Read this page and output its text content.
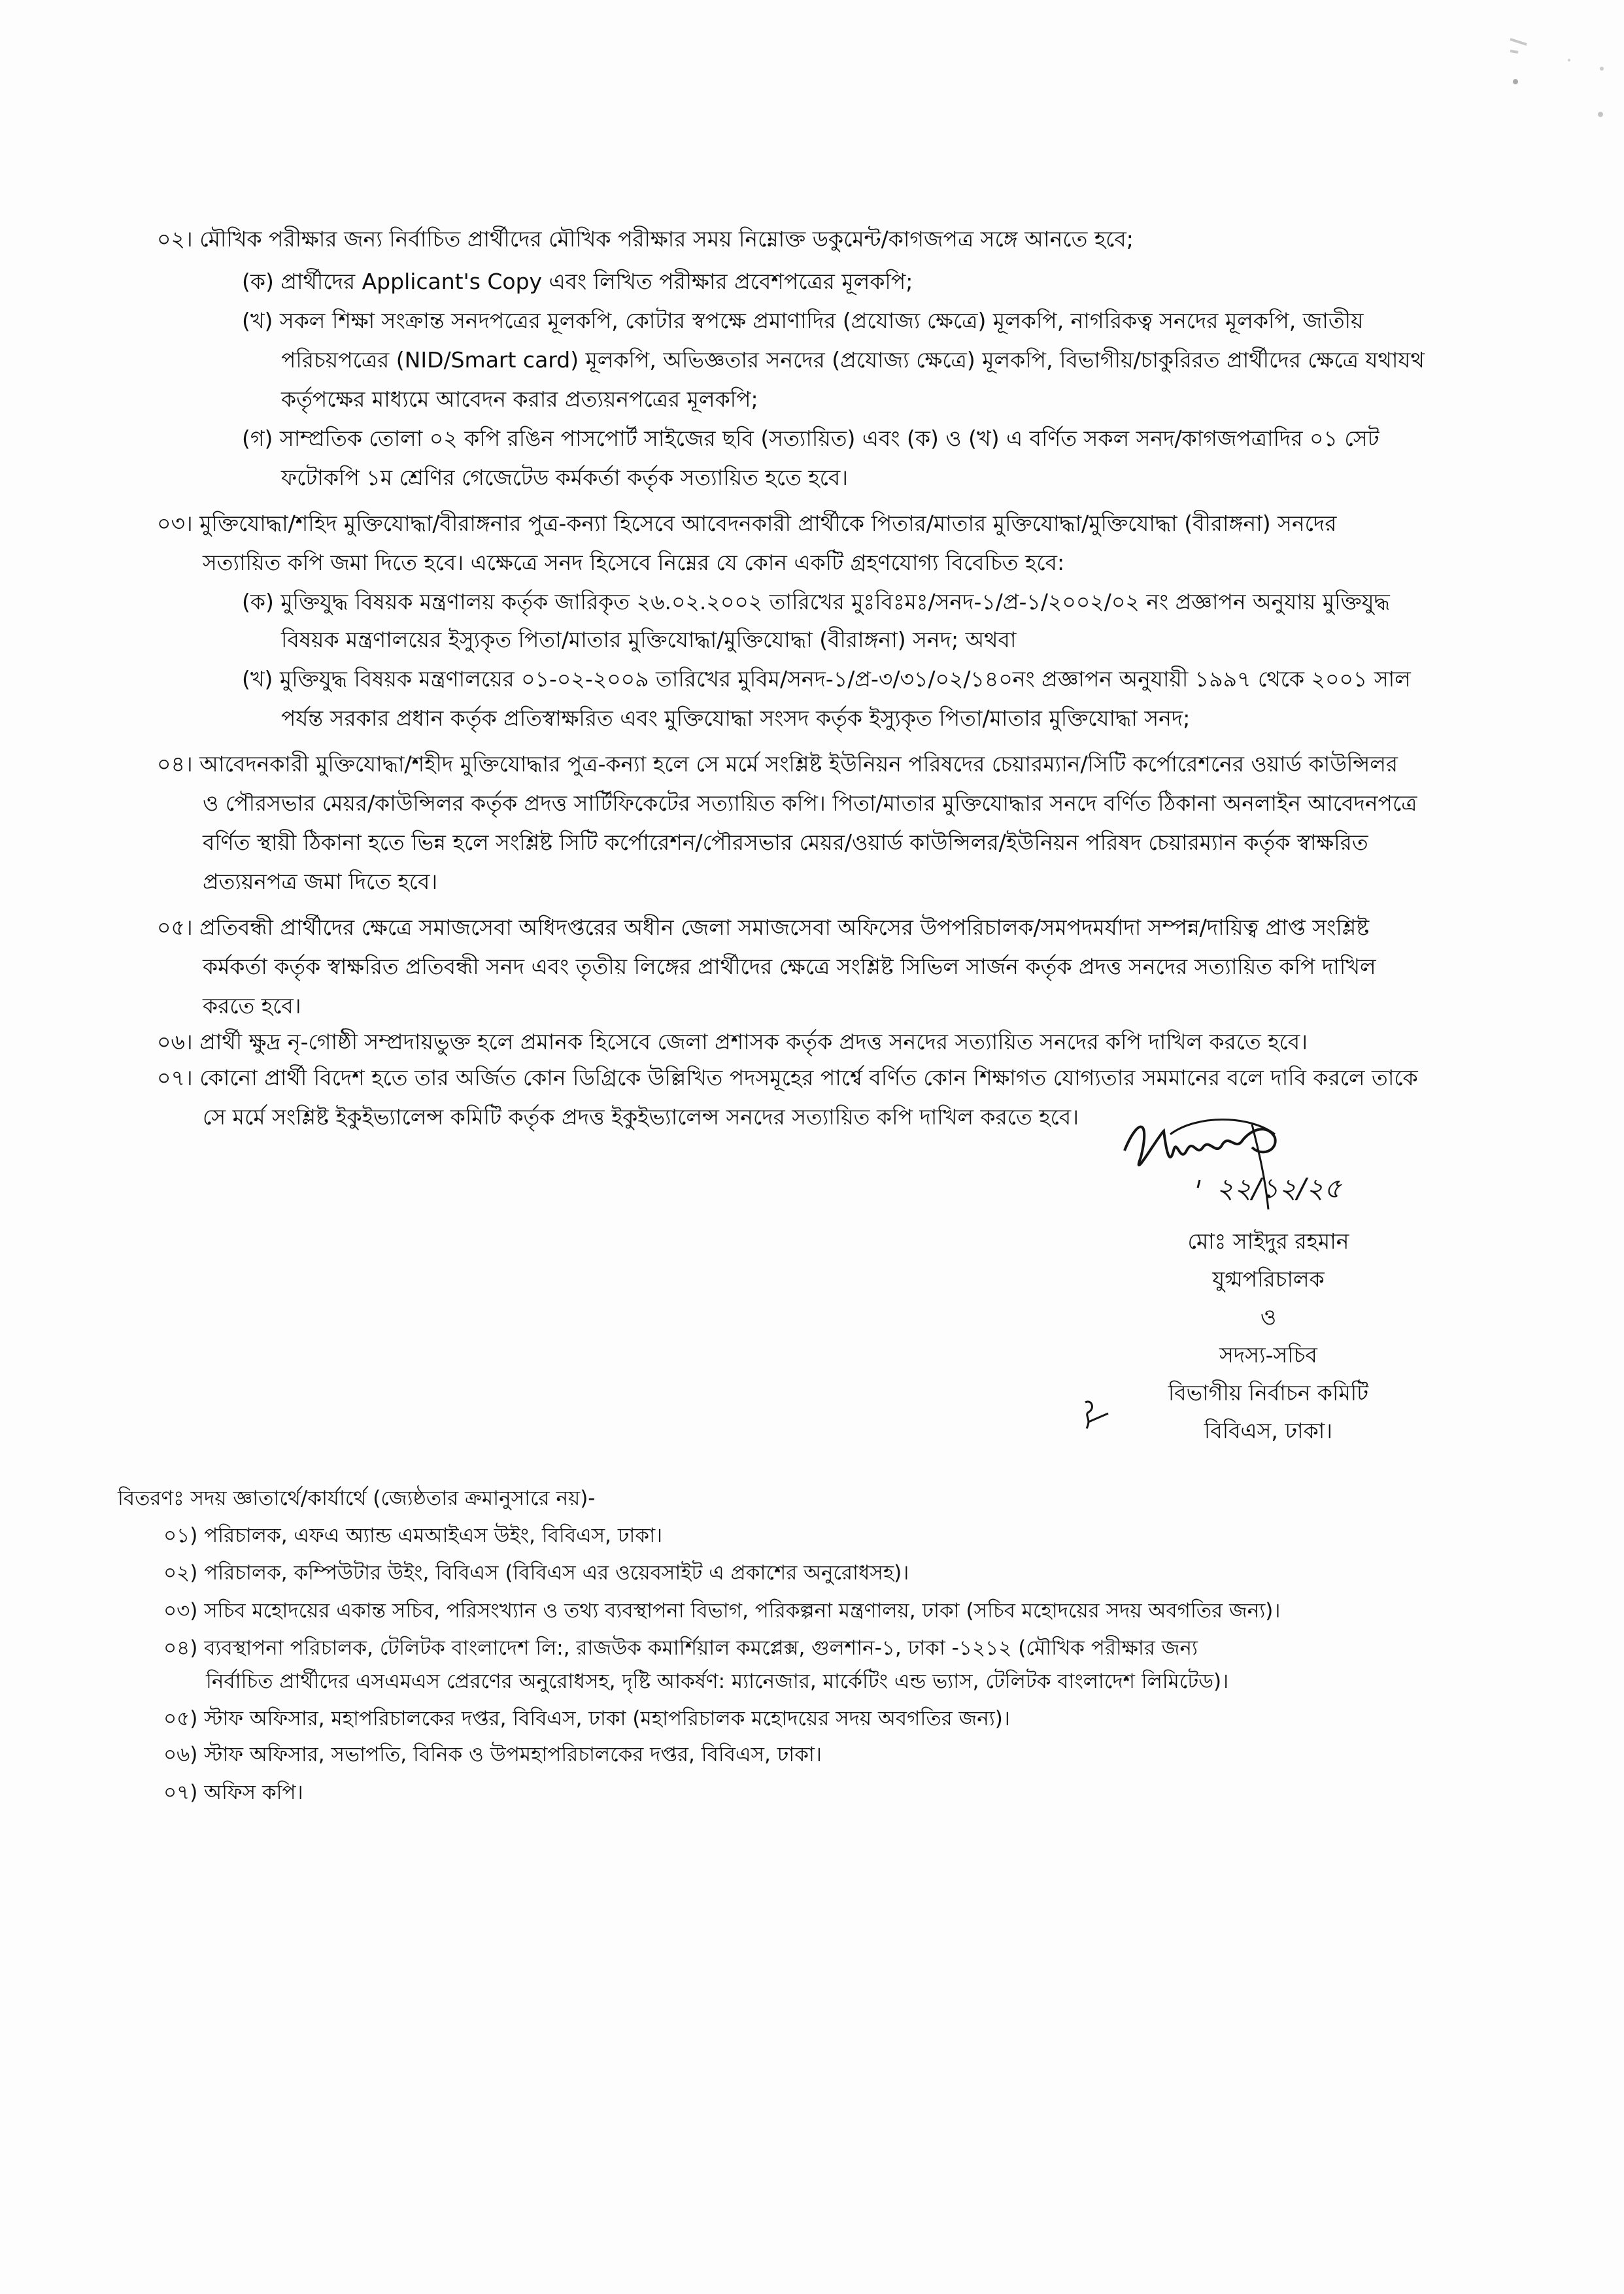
০২। মৌখিক পরীক্ষার জন্য নির্বাচিত প্রার্থীদের মৌখিক পরীক্ষার সময় নিম্নোক্ত ডকুমেন্ট/কাগজপত্র সঙ্গে আনতে হবে;
(ক) প্রার্থীদের Applicant's Copy এবং লিখিত পরীক্ষার প্রবেশপত্রের মূলকপি;
(খ) সকল শিক্ষা সংক্রান্ত সনদপত্রের মূলকপি, কোটার স্বপক্ষে প্রমাণাদির (প্রযোজ্য ক্ষেত্রে) মূলকপি, নাগরিকত্ব সনদের মূলকপি, জাতীয়
পরিচয়পত্রের (NID/Smart card) মূলকপি, অভিজ্ঞতার সনদের (প্রযোজ্য ক্ষেত্রে) মূলকপি, বিভাগীয়/চাকুরিরত প্রার্থীদের ক্ষেত্রে যথাযথ
কর্তৃপক্ষের মাধ্যমে আবেদন করার প্রত্যয়নপত্রের মূলকপি;
(গ) সাম্প্রতিক তোলা ০২ কপি রঙিন পাসপোর্ট সাইজের ছবি (সত্যায়িত) এবং (ক) ও (খ) এ বর্ণিত সকল সনদ/কাগজপত্রাদির ০১ সেট
ফটোকপি ১ম শ্রেণির গেজেটেড কর্মকর্তা কর্তৃক সত্যায়িত হতে হবে।
০৩। মুক্তিযোদ্ধা/শহিদ মুক্তিযোদ্ধা/বীরাঙ্গনার পুত্র-কন্যা হিসেবে আবেদনকারী প্রার্থীকে পিতার/মাতার মুক্তিযোদ্ধা/মুক্তিযোদ্ধা (বীরাঙ্গনা) সনদের
সত্যায়িত কপি জমা দিতে হবে। এক্ষেত্রে সনদ হিসেবে নিম্নের যে কোন একটি গ্রহণযোগ্য বিবেচিত হবে:
(ক) মুক্তিযুদ্ধ বিষয়ক মন্ত্রণালয় কর্তৃক জারিকৃত ২৬.০২.২০০২ তারিখের মুঃবিঃমঃ/সনদ-১/প্র-১/২০০২/০২ নং প্রজ্ঞাপন অনুযায় মুক্তিযুদ্ধ
বিষয়ক মন্ত্রণালয়ের ইস্যুকৃত পিতা/মাতার মুক্তিযোদ্ধা/মুক্তিযোদ্ধা (বীরাঙ্গনা) সনদ; অথবা
(খ) মুক্তিযুদ্ধ বিষয়ক মন্ত্রণালয়ের ০১-০২-২০০৯ তারিখের মুবিম/সনদ-১/প্র-৩/৩১/০২/১৪০নং প্রজ্ঞাপন অনুযায়ী ১৯৯৭ থেকে ২০০১ সাল
পর্যন্ত সরকার প্রধান কর্তৃক প্রতিস্বাক্ষরিত এবং মুক্তিযোদ্ধা সংসদ কর্তৃক ইস্যুকৃত পিতা/মাতার মুক্তিযোদ্ধা সনদ;
০৪। আবেদনকারী মুক্তিযোদ্ধা/শহীদ মুক্তিযোদ্ধার পুত্র-কন্যা হলে সে মর্মে সংশ্লিষ্ট ইউনিয়ন পরিষদের চেয়ারম্যান/সিটি কর্পোরেশনের ওয়ার্ড কাউন্সিলর
ও পৌরসভার মেয়র/কাউন্সিলর কর্তৃক প্রদত্ত সার্টিফিকেটের সত্যায়িত কপি। পিতা/মাতার মুক্তিযোদ্ধার সনদে বর্ণিত ঠিকানা অনলাইন আবেদনপত্রে
বর্ণিত স্থায়ী ঠিকানা হতে ভিন্ন হলে সংশ্লিষ্ট সিটি কর্পোরেশন/পৌরসভার মেয়র/ওয়ার্ড কাউন্সিলর/ইউনিয়ন পরিষদ চেয়ারম্যান কর্তৃক স্বাক্ষরিত
প্রত্যয়নপত্র জমা দিতে হবে।
০৫। প্রতিবন্ধী প্রার্থীদের ক্ষেত্রে সমাজসেবা অধিদপ্তরের অধীন জেলা সমাজসেবা অফিসের উপপরিচালক/সমপদমর্যাদা সম্পন্ন/দায়িত্ব প্রাপ্ত সংশ্লিষ্ট
কর্মকর্তা কর্তৃক স্বাক্ষরিত প্রতিবন্ধী সনদ এবং তৃতীয় লিঙ্গের প্রার্থীদের ক্ষেত্রে সংশ্লিষ্ট সিভিল সার্জন কর্তৃক প্রদত্ত সনদের সত্যায়িত কপি দাখিল
করতে হবে।
০৬। প্রার্থী ক্ষুদ্র নৃ-গোষ্ঠী সম্প্রদায়ভুক্ত হলে প্রমানক হিসেবে জেলা প্রশাসক কর্তৃক প্রদত্ত সনদের সত্যায়িত সনদের কপি দাখিল করতে হবে।
০৭। কোনো প্রার্থী বিদেশ হতে তার অর্জিত কোন ডিগ্রিকে উল্লিখিত পদসমূহের পার্শ্বে বর্ণিত কোন শিক্ষাগত যোগ্যতার সমমানের বলে দাবি করলে তাকে
সে মর্মে সংশ্লিষ্ট ইকুইভ্যালেন্স কমিটি কর্তৃক প্রদত্ত ইকুইভ্যালেন্স সনদের সত্যায়িত কপি দাখিল করতে হবে।
২২/১২/২৫
মোঃ সাইদুর রহমান
যুগ্মপরিচালক
ও
সদস্য-সচিব
বিভাগীয় নির্বাচন কমিটি
বিবিএস, ঢাকা।
বিতরণঃ সদয় জ্ঞাতার্থে/কার্যার্থে (জ্যেষ্ঠতার ক্রমানুসারে নয়)-
০১) পরিচালক, এফএ অ্যান্ড এমআইএস উইং, বিবিএস, ঢাকা।
০২) পরিচালক, কম্পিউটার উইং, বিবিএস (বিবিএস এর ওয়েবসাইট এ প্রকাশের অনুরোধসহ)।
০৩) সচিব মহোদয়ের একান্ত সচিব, পরিসংখ্যান ও তথ্য ব্যবস্থাপনা বিভাগ, পরিকল্পনা মন্ত্রণালয়, ঢাকা (সচিব মহোদয়ের সদয় অবগতির জন্য)।
০৪) ব্যবস্থাপনা পরিচালক, টেলিটক বাংলাদেশ লি:, রাজউক কমার্শিয়াল কমপ্লেক্স, গুলশান-১, ঢাকা -১২১২ (মৌখিক পরীক্ষার জন্য
নির্বাচিত প্রার্থীদের এসএমএস প্রেরণের অনুরোধসহ, দৃষ্টি আকর্ষণ: ম্যানেজার, মার্কেটিং এন্ড ভ্যাস, টেলিটক বাংলাদেশ লিমিটেড)।
০৫) স্টাফ অফিসার, মহাপরিচালকের দপ্তর, বিবিএস, ঢাকা (মহাপরিচালক মহোদয়ের সদয় অবগতির জন্য)।
০৬) স্টাফ অফিসার, সভাপতি, বিনিক ও উপমহাপরিচালকের দপ্তর, বিবিএস, ঢাকা।
০৭) অফিস কপি।
